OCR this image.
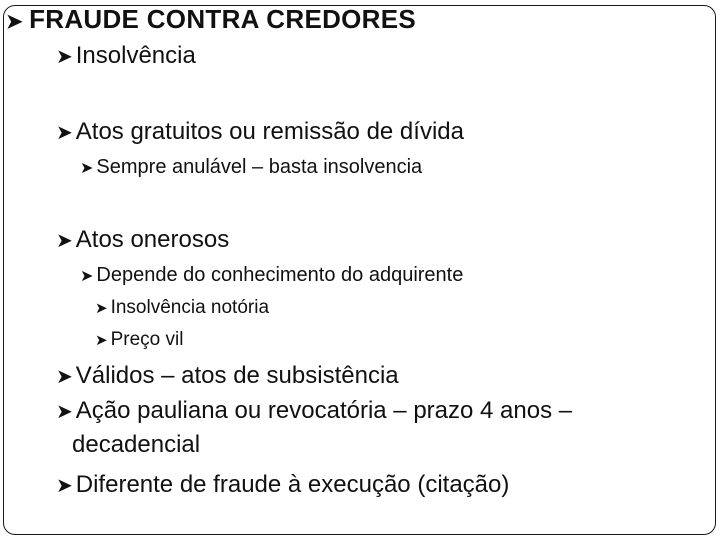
➤ FRAUDE CONTRA CREDORES
➤ Insolvência
➤ Atos gratuitos ou remissão de dívida
➤ Sempre anulável – basta insolvencia
➤ Atos onerosos
➤ Depende do conhecimento do adquirente
➤ Insolvência notória
➤ Preço vil
➤ Válidos – atos de subsistência
➤ Ação pauliana ou revocatória – prazo 4 anos –
decadencial
➤ Diferente de fraude à execução (citação)
